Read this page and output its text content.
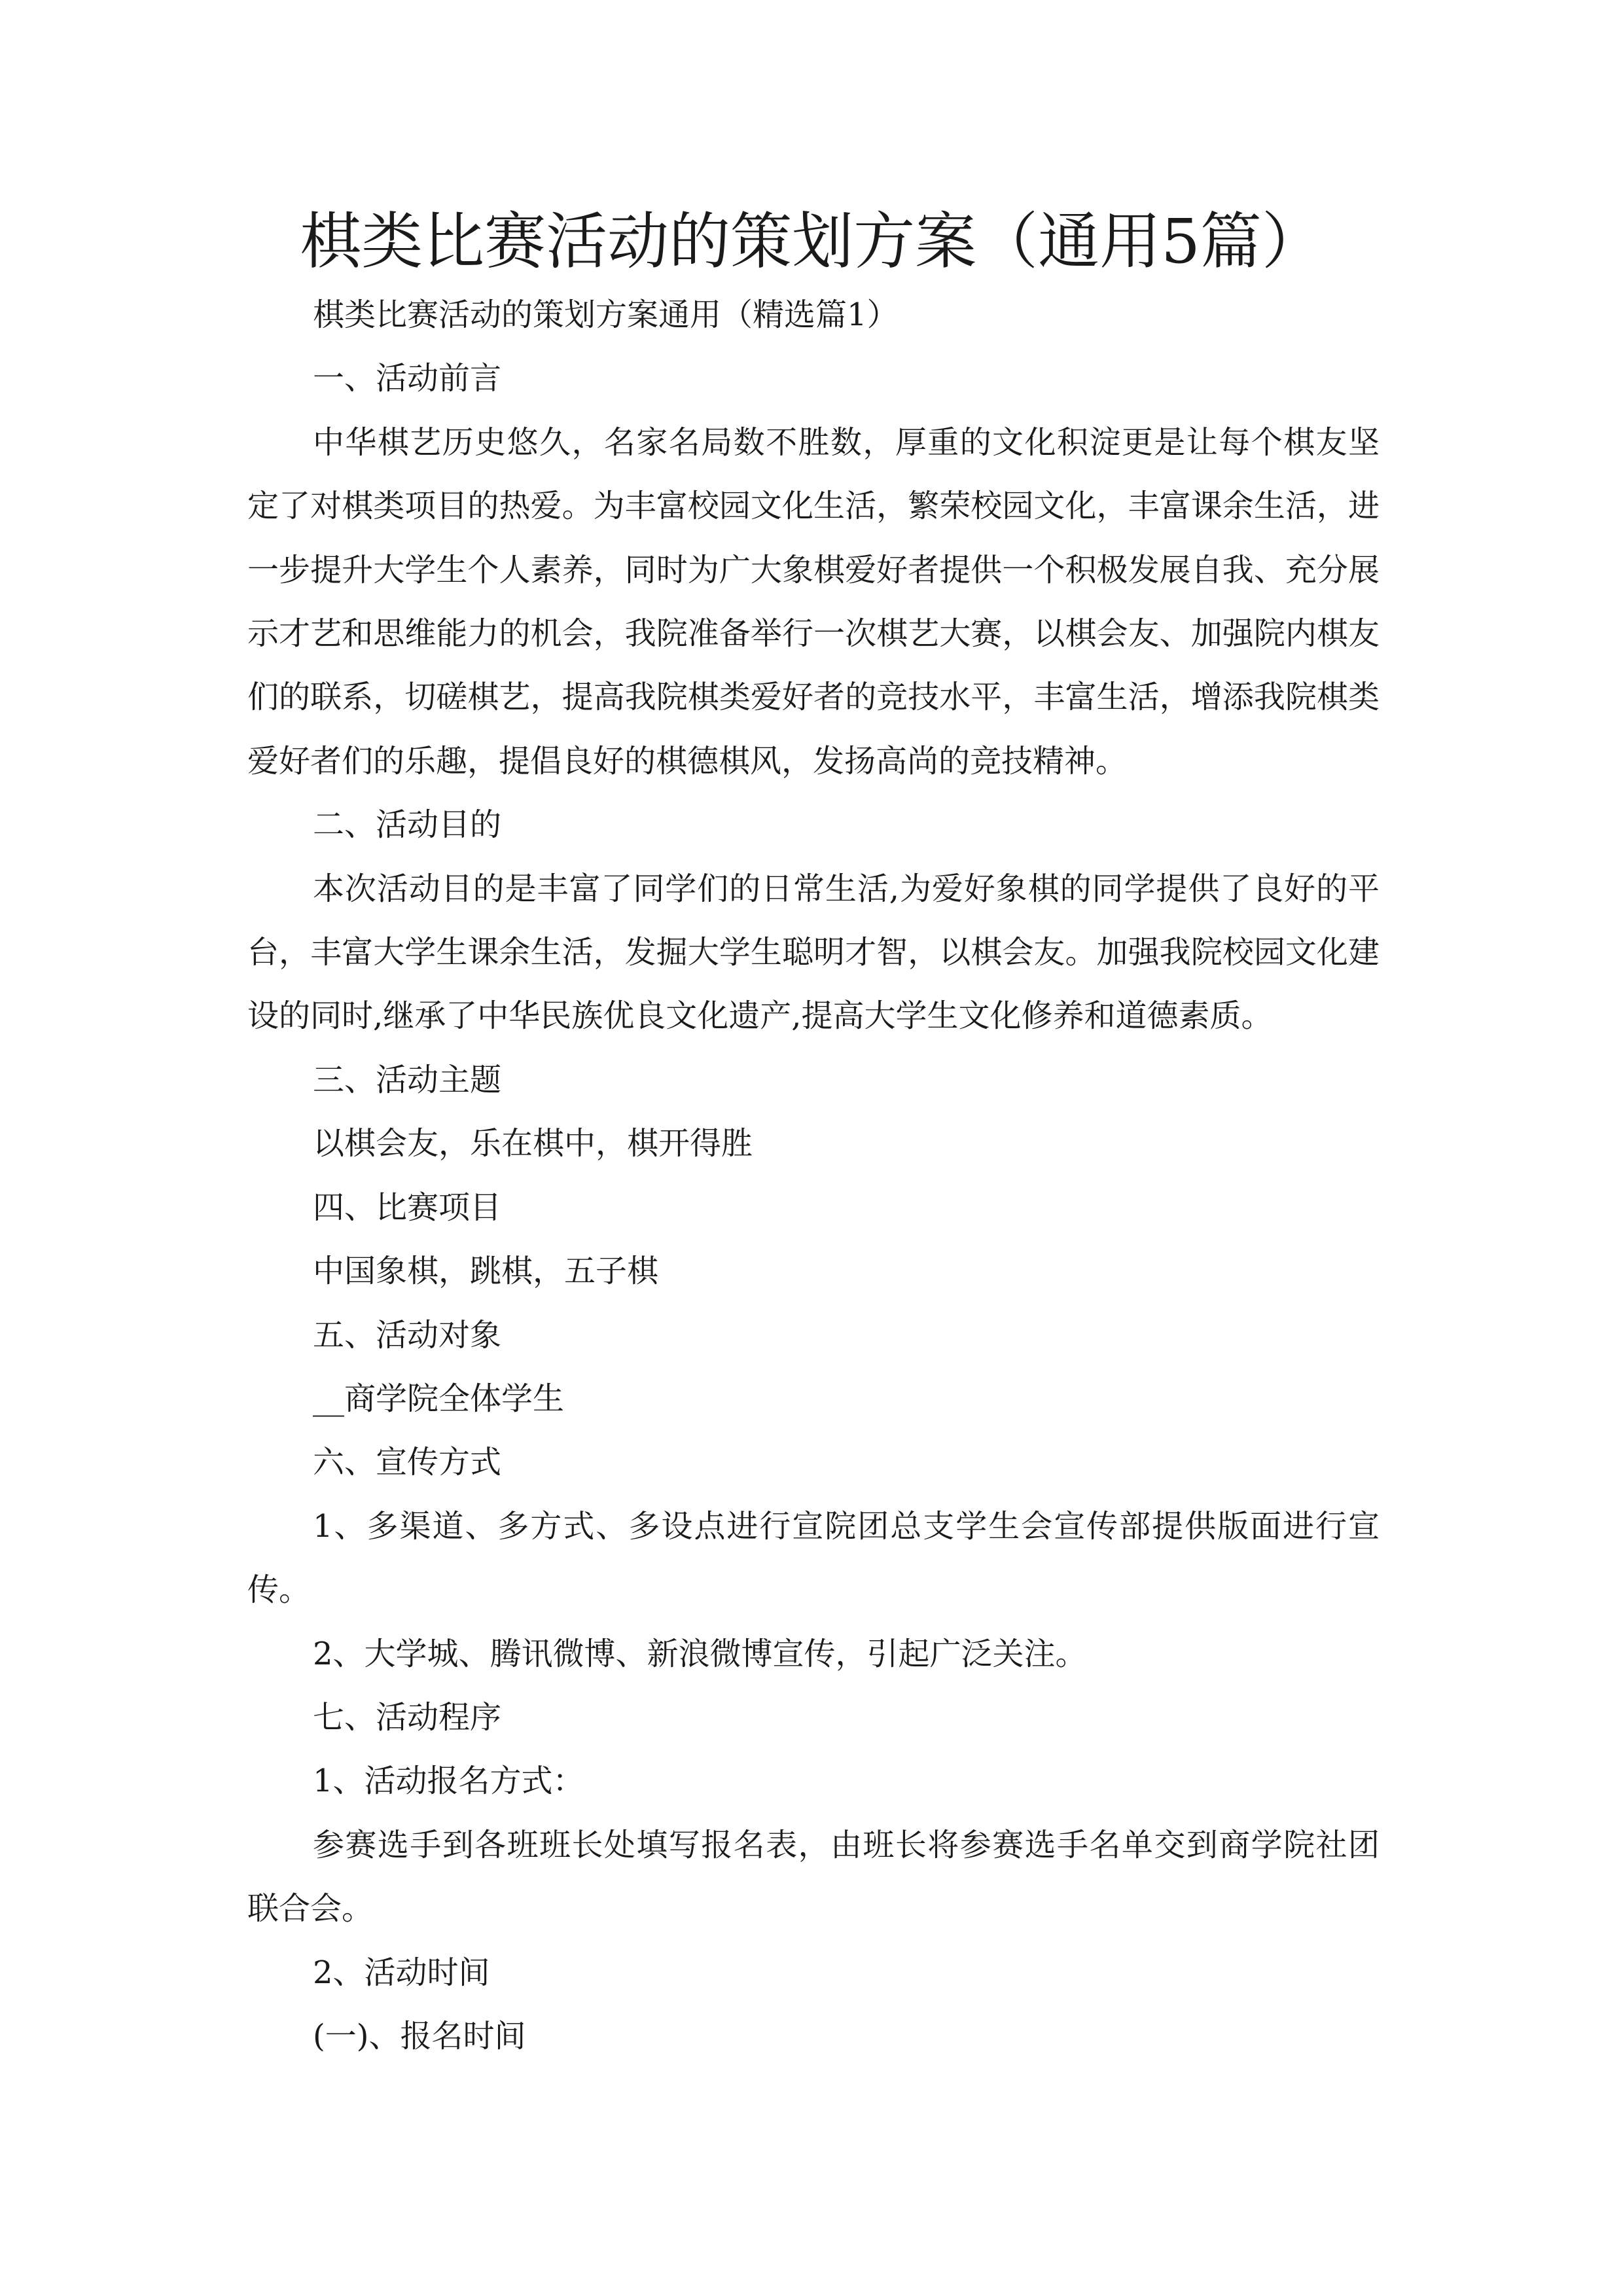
棋类比赛活动的策划方案（通用5篇）

棋类比赛活动的策划方案通用（精选篇1）

一、活动前言

中华棋艺历史悠久，名家名局数不胜数，厚重的文化积淀更是让每个棋友坚定了对棋类项目的热爱。为丰富校园文化生活，繁荣校园文化，丰富课余生活，进一步提升大学生个人素养，同时为广大象棋爱好者提供一个积极发展自我、充分展示才艺和思维能力的机会，我院准备举行一次棋艺大赛，以棋会友、加强院内棋友们的联系，切磋棋艺，提高我院棋类爱好者的竞技水平，丰富生活，增添我院棋类爱好者们的乐趣，提倡良好的棋德棋风，发扬高尚的竞技精神。

二、活动目的

本次活动目的是丰富了同学们的日常生活,为爱好象棋的同学提供了良好的平台，丰富大学生课余生活，发掘大学生聪明才智，以棋会友。加强我院校园文化建设的同时,继承了中华民族优良文化遗产,提高大学生文化修养和道德素质。

三、活动主题

以棋会友，乐在棋中，棋开得胜

四、比赛项目

中国象棋，跳棋，五子棋

五、活动对象

__商学院全体学生

六、宣传方式

1、多渠道、多方式、多设点进行宣院团总支学生会宣传部提供版面进行宣传。

2、大学城、腾讯微博、新浪微博宣传，引起广泛关注。

七、活动程序

1、活动报名方式：

参赛选手到各班班长处填写报名表，由班长将参赛选手名单交到商学院社团联合会。

2、活动时间

(一)、报名时间
